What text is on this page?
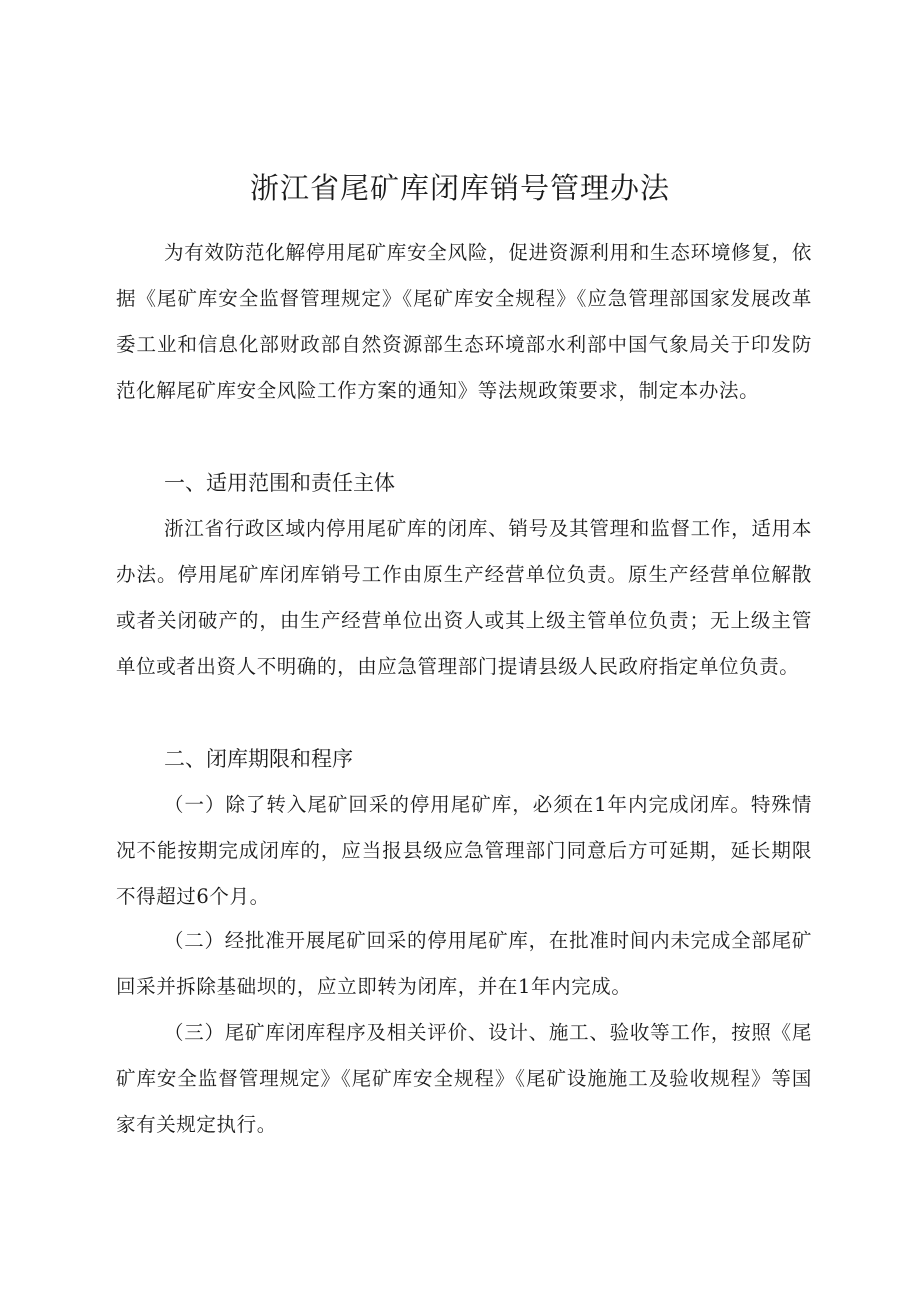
浙江省尾矿库闭库销号管理办法

为有效防范化解停用尾矿库安全风险，促进资源利用和生态环境修复，依据《尾矿库安全监督管理规定》《尾矿库安全规程》《应急管理部国家发展改革委工业和信息化部财政部自然资源部生态环境部水利部中国气象局关于印发防范化解尾矿库安全风险工作方案的通知》等法规政策要求，制定本办法。

一、适用范围和责任主体

浙江省行政区域内停用尾矿库的闭库、销号及其管理和监督工作，适用本办法。停用尾矿库闭库销号工作由原生产经营单位负责。原生产经营单位解散或者关闭破产的，由生产经营单位出资人或其上级主管单位负责；无上级主管单位或者出资人不明确的，由应急管理部门提请县级人民政府指定单位负责。

二、闭库期限和程序

（一）除了转入尾矿回采的停用尾矿库，必须在1年内完成闭库。特殊情况不能按期完成闭库的，应当报县级应急管理部门同意后方可延期，延长期限不得超过6个月。

（二）经批准开展尾矿回采的停用尾矿库，在批准时间内未完成全部尾矿回采并拆除基础坝的，应立即转为闭库，并在1年内完成。

（三）尾矿库闭库程序及相关评价、设计、施工、验收等工作，按照《尾矿库安全监督管理规定》《尾矿库安全规程》《尾矿设施施工及验收规程》等国家有关规定执行。
